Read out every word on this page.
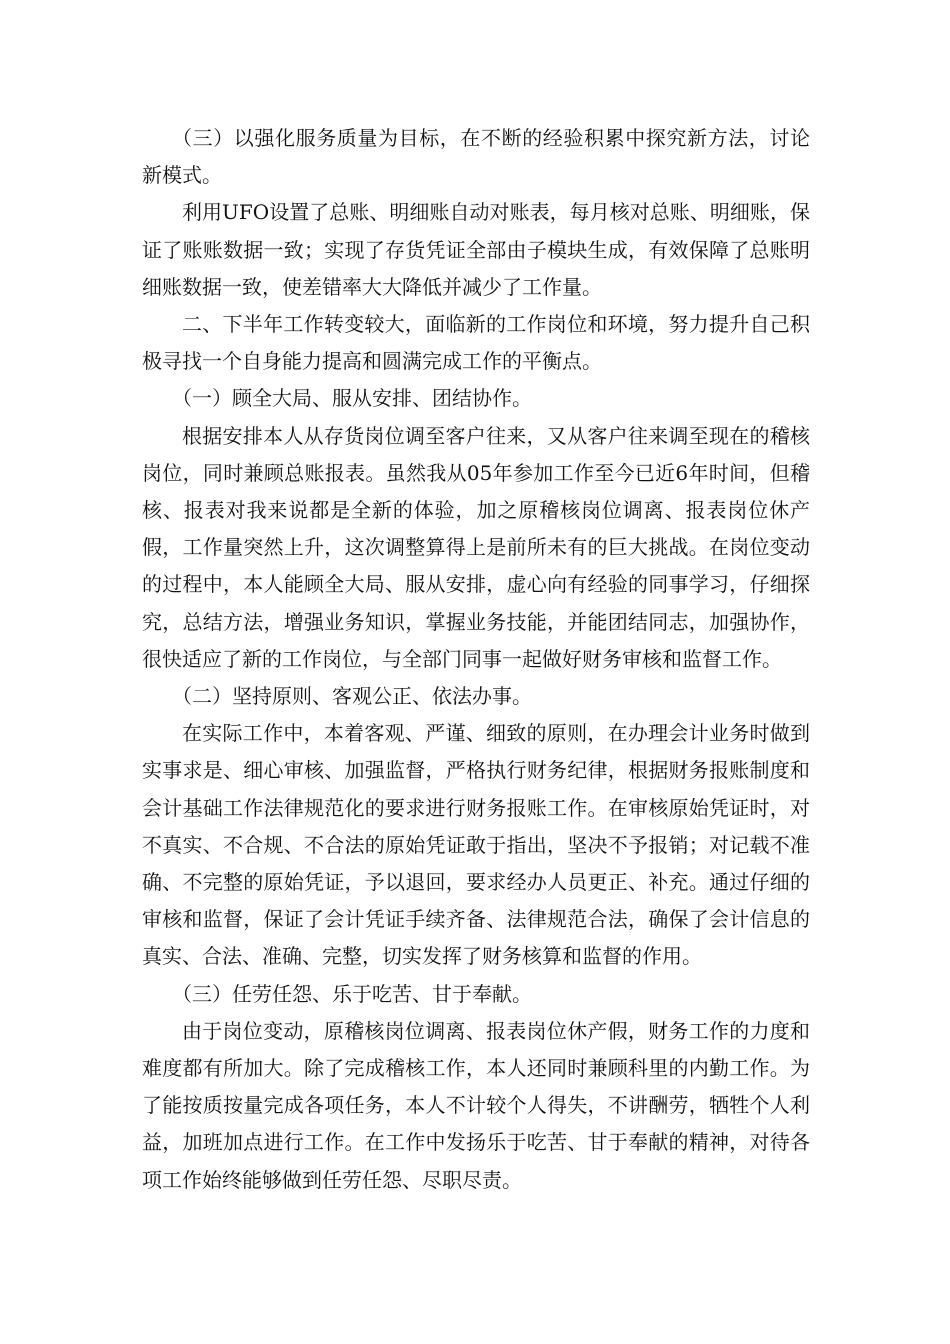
（三）以强化服务质量为目标，在不断的经验积累中探究新方法，讨论新模式。

利用UFO设置了总账、明细账自动对账表，每月核对总账、明细账，保证了账账数据一致；实现了存货凭证全部由子模块生成，有效保障了总账明细账数据一致，使差错率大大降低并减少了工作量。

二、下半年工作转变较大，面临新的工作岗位和环境，努力提升自己积极寻找一个自身能力提高和圆满完成工作的平衡点。

（一）顾全大局、服从安排、团结协作。

根据安排本人从存货岗位调至客户往来，又从客户往来调至现在的稽核岗位，同时兼顾总账报表。虽然我从05年参加工作至今已近6年时间，但稽核、报表对我来说都是全新的体验，加之原稽核岗位调离、报表岗位休产假，工作量突然上升，这次调整算得上是前所未有的巨大挑战。在岗位变动的过程中，本人能顾全大局、服从安排，虚心向有经验的同事学习，仔细探究，总结方法，增强业务知识，掌握业务技能，并能团结同志，加强协作，很快适应了新的工作岗位，与全部门同事一起做好财务审核和监督工作。

（二）坚持原则、客观公正、依法办事。

在实际工作中，本着客观、严谨、细致的原则，在办理会计业务时做到实事求是、细心审核、加强监督，严格执行财务纪律，根据财务报账制度和会计基础工作法律规范化的要求进行财务报账工作。在审核原始凭证时，对不真实、不合规、不合法的原始凭证敢于指出，坚决不予报销；对记载不准确、不完整的原始凭证，予以退回，要求经办人员更正、补充。通过仔细的审核和监督，保证了会计凭证手续齐备、法律规范合法，确保了会计信息的真实、合法、准确、完整，切实发挥了财务核算和监督的作用。

（三）任劳任怨、乐于吃苦、甘于奉献。

由于岗位变动，原稽核岗位调离、报表岗位休产假，财务工作的力度和难度都有所加大。除了完成稽核工作，本人还同时兼顾科里的内勤工作。为了能按质按量完成各项任务，本人不计较个人得失，不讲酬劳，牺牲个人利益，加班加点进行工作。在工作中发扬乐于吃苦、甘于奉献的精神，对待各项工作始终能够做到任劳任怨、尽职尽责。
